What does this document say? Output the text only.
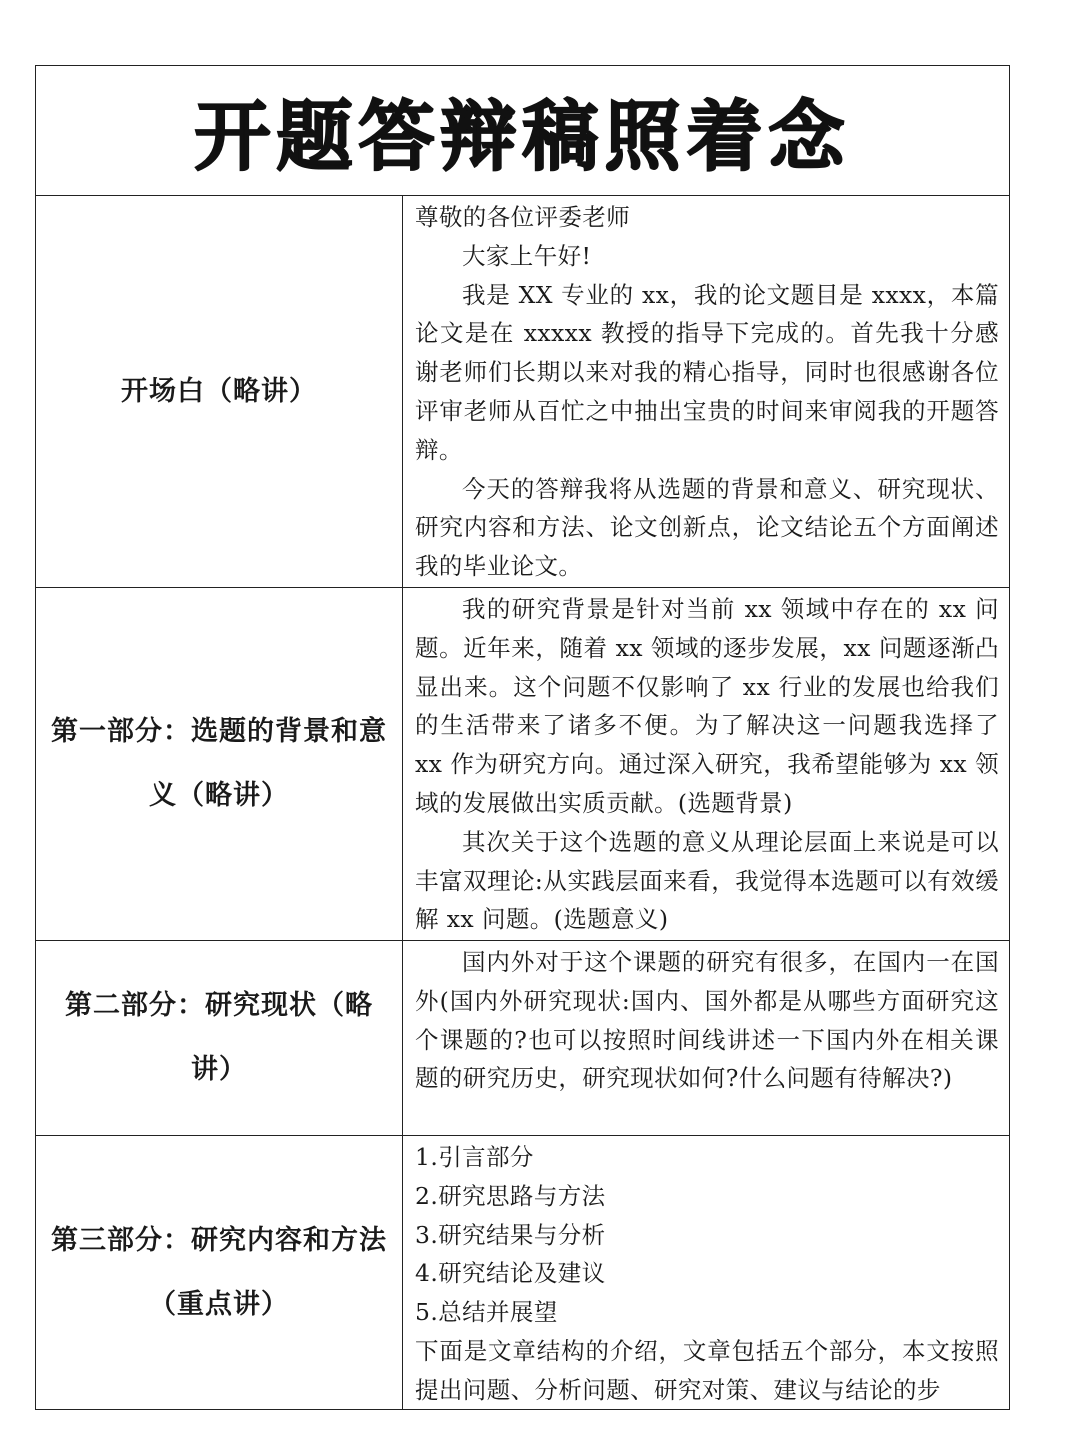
开题答辩稿照着念
开场白（略讲）

尊敬的各位评委老师

大家上午好!

我是 XX 专业的 xx，我的论文题目是 xxxx，本篇论文是在 xxxxx 教授的指导下完成的。首先我十分感谢老师们长期以来对我的精心指导，同时也很感谢各位评审老师从百忙之中抽出宝贵的时间来审阅我的开题答辩。

今天的答辩我将从选题的背景和意义、研究现状、研究内容和方法、论文创新点，论文结论五个方面阐述我的毕业论文。

第一部分：选题的背景和意义（略讲）

我的研究背景是针对当前 xx 领域中存在的 xx 问题。近年来，随着 xx 领域的逐步发展，xx 问题逐渐凸显出来。这个问题不仅影响了 xx 行业的发展也给我们的生活带来了诸多不便。为了解决这一问题我选择了 xx 作为研究方向。通过深入研究，我希望能够为 xx 领域的发展做出实质贡献。(选题背景)

其次关于这个选题的意义从理论层面上来说是可以丰富双理论:从实践层面来看，我觉得本选题可以有效缓解 xx 问题。(选题意义)

第二部分：研究现状（略讲）

国内外对于这个课题的研究有很多，在国内一在国外(国内外研究现状:国内、国外都是从哪些方面研究这个课题的?也可以按照时间线讲述一下国内外在相关课题的研究历史，研究现状如何?什么问题有待解决?)

第三部分：研究内容和方法（重点讲）

1.引言部分

2.研究思路与方法

3.研究结果与分析

4.研究结论及建议

5.总结并展望

下面是文章结构的介绍，文章包括五个部分，本文按照提出问题、分析问题、研究对策、建议与结论的步
